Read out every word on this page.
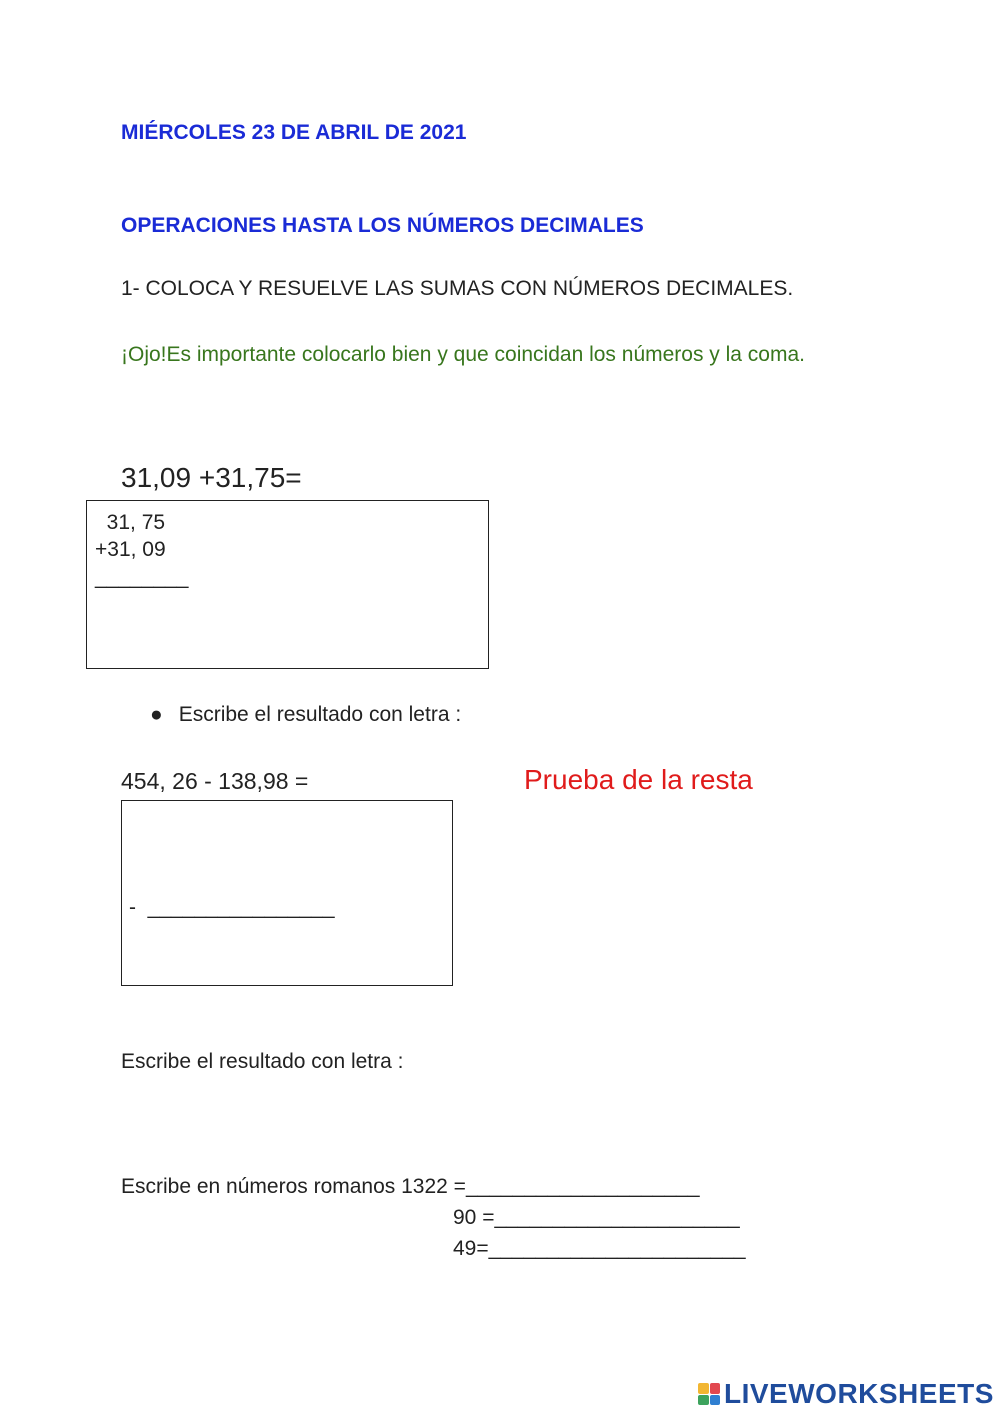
MIÉRCOLES 23 DE ABRIL DE 2021
OPERACIONES HASTA LOS NÚMEROS DECIMALES
1- COLOCA Y RESUELVE LAS SUMAS CON NÚMEROS DECIMALES.
¡Ojo!Es importante colocarlo bien y que coincidan los números y la coma.
31,09 +31,75=
31, 75
+31, 09
________
● Escribe el resultado con letra :
454, 26 - 138,98 =	Prueba de la resta
-  ________________
Escribe el resultado con letra :
Escribe en números romanos 1322 =____________________
90 =_____________________
49=______________________
LIVEWORKSHEETS
